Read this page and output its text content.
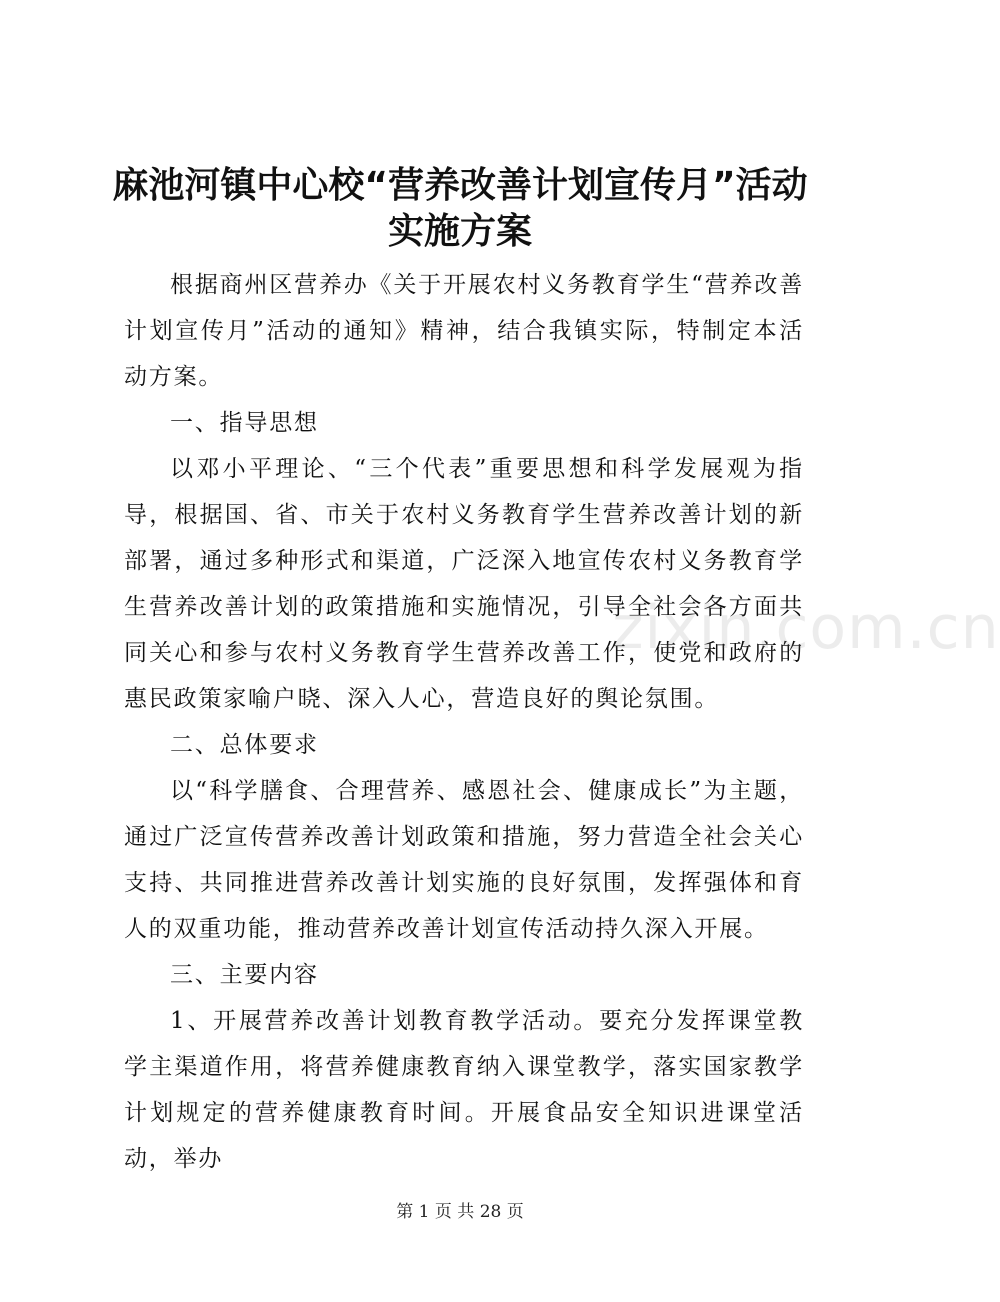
麻池河镇中心校“营养改善计划宣传月”活动
实施方案

根据商州区营养办《关于开展农村义务教育学生“营养改善计划宣传月”活动的通知》精神，结合我镇实际，特制定本活动方案。

一、指导思想

以邓小平理论、“三个代表”重要思想和科学发展观为指导，根据国、省、市关于农村义务教育学生营养改善计划的新部署，通过多种形式和渠道，广泛深入地宣传农村义务教育学生营养改善计划的政策措施和实施情况，引导全社会各方面共同关心和参与农村义务教育学生营养改善工作，使党和政府的惠民政策家喻户晓、深入人心，营造良好的舆论氛围。

二、总体要求

以“科学膳食、合理营养、感恩社会、健康成长”为主题，通过广泛宣传营养改善计划政策和措施，努力营造全社会关心支持、共同推进营养改善计划实施的良好氛围，发挥强体和育人的双重功能，推动营养改善计划宣传活动持久深入开展。

三、主要内容

1、开展营养改善计划教育教学活动。要充分发挥课堂教学主渠道作用，将营养健康教育纳入课堂教学，落实国家教学计划规定的营养健康教育时间。开展食品安全知识进课堂活动，举办

zixin.com.cn
第 1 页 共 28 页
